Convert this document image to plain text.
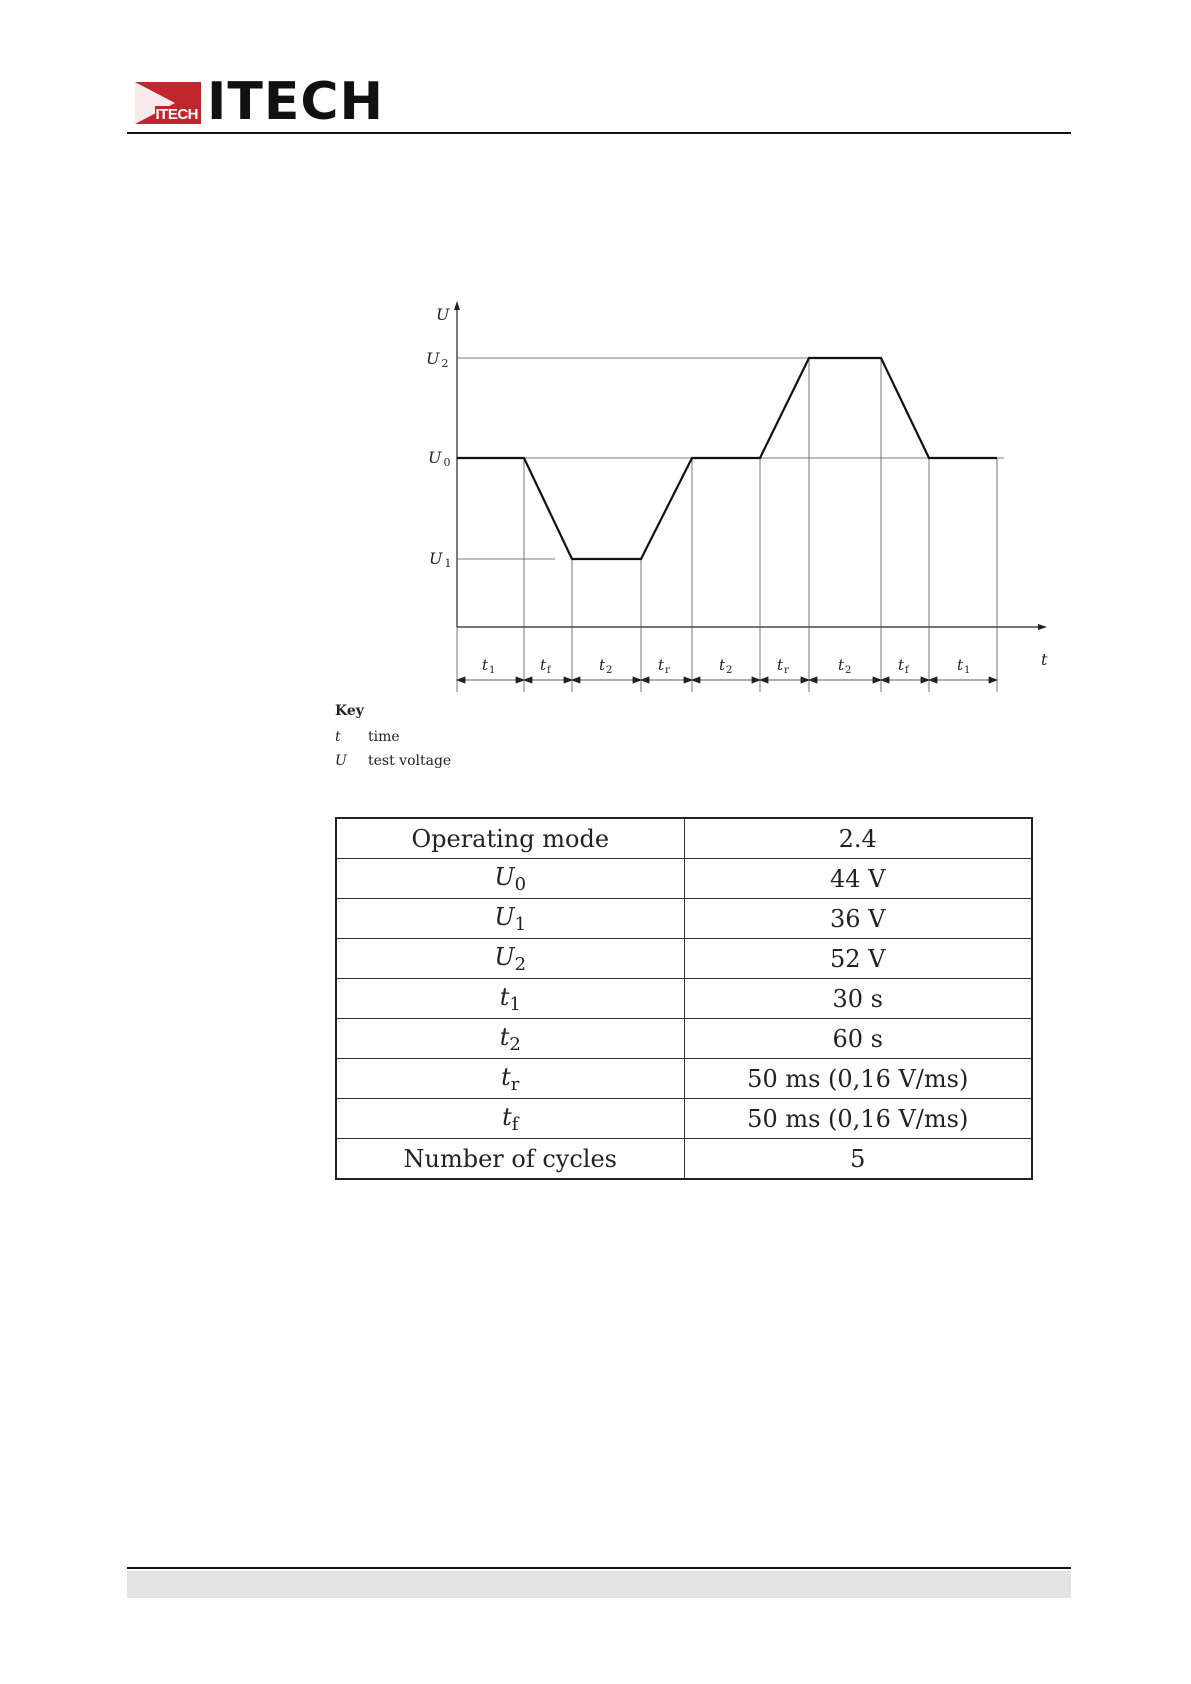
ITECH ITECH
U
t
U 2
U 0
U 1
$t_1$	$t_f$	$t_2$	$t_r$	$t_2$	$t_r$	$t_2$	$t_f$	$t_1$
Key
t	time
U	test voltage
Operating mode	2.4
$U_0$	44 V
$U_1$	36 V
$U_2$	52 V
$t_1$	30 s
$t_2$	60 s
$t_r$	50 ms (0,16 V/ms)
$t_f$	50 ms (0,16 V/ms)
Number of cycles	5
